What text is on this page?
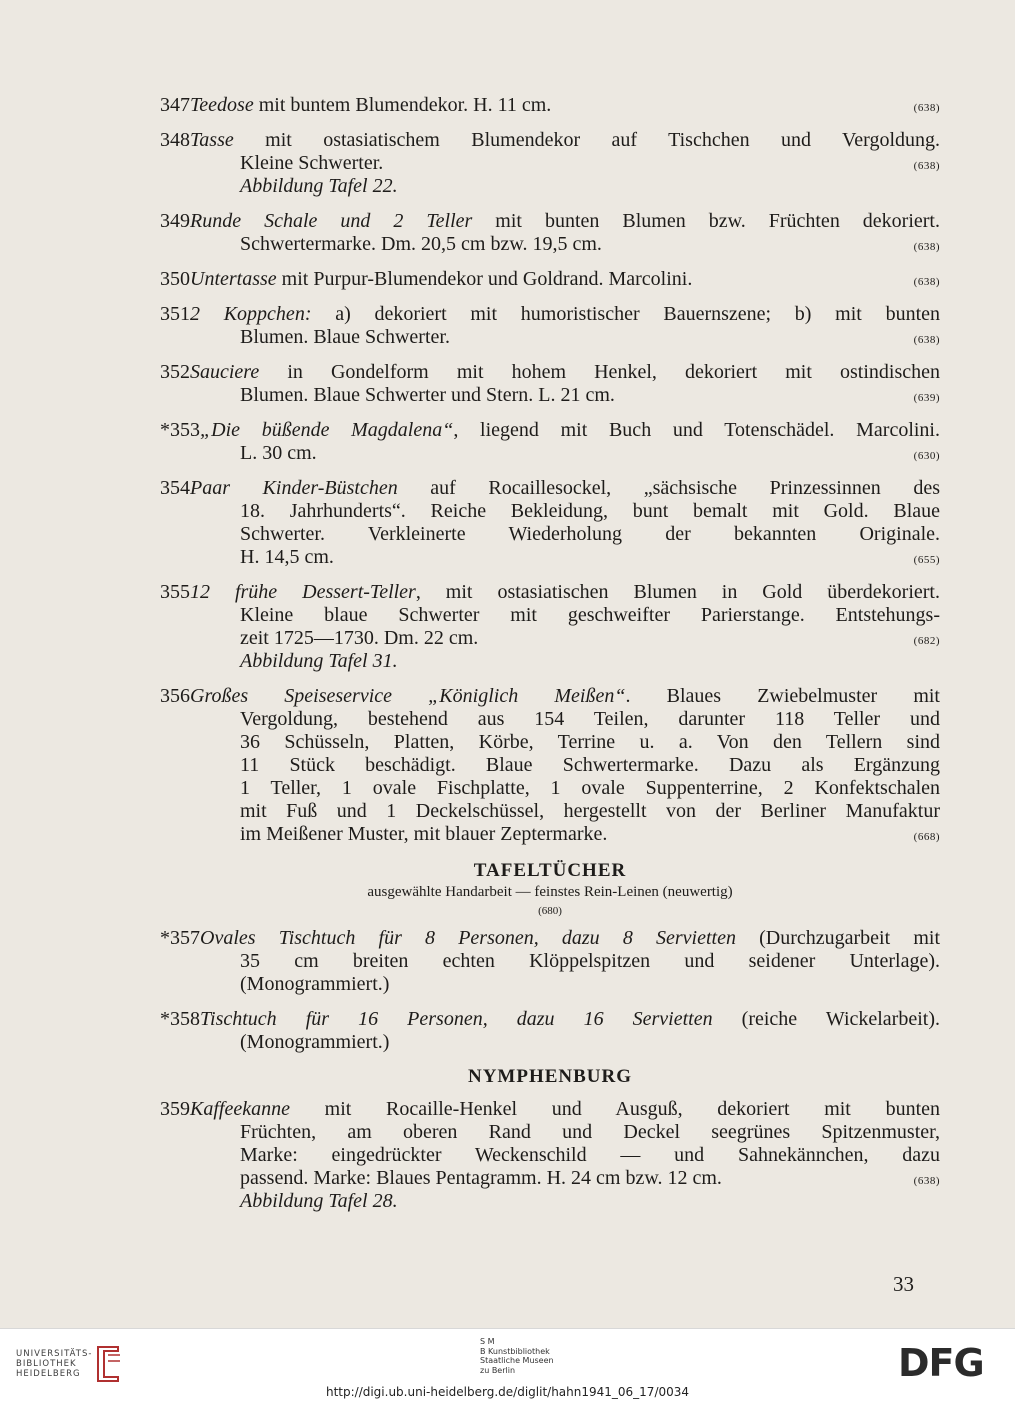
347Teedose mit buntem Blumendekor. H. 11 cm.	(638)
348Tasse mit ostasiatischem Blumendekor auf Tischchen und Vergoldung.
Kleine Schwerter.	(638)
Abbildung Tafel 22.
349Runde Schale und 2 Teller mit bunten Blumen bzw. Früchten dekoriert.
Schwertermarke. Dm. 20,5 cm bzw. 19,5 cm.	(638)
350Untertasse mit Purpur-Blumendekor und Goldrand. Marcolini.	(638)
3512 Koppchen: a) dekoriert mit humoristischer Bauernszene; b) mit bunten
Blumen. Blaue Schwerter.	(638)
352Sauciere in Gondelform mit hohem Henkel, dekoriert mit ostindischen
Blumen. Blaue Schwerter und Stern. L. 21 cm.	(639)
*353„Die büßende Magdalena“, liegend mit Buch und Totenschädel. Marcolini.
L. 30 cm.	(630)
354Paar Kinder-Büstchen auf Rocaillesockel, „sächsische Prinzessinnen des
18. Jahrhunderts“. Reiche Bekleidung, bunt bemalt mit Gold. Blaue
Schwerter. Verkleinerte Wiederholung der bekannten Originale.
H. 14,5 cm.	(655)
35512 frühe Dessert-Teller, mit ostasiatischen Blumen in Gold überdekoriert.
Kleine blaue Schwerter mit geschweifter Parierstange. Entstehungs-
zeit 1725—1730. Dm. 22 cm.	(682)
Abbildung Tafel 31.
356Großes Speiseservice „Königlich Meißen“. Blaues Zwiebelmuster mit
Vergoldung, bestehend aus 154 Teilen, darunter 118 Teller und
36 Schüsseln, Platten, Körbe, Terrine u. a. Von den Tellern sind
11 Stück beschädigt. Blaue Schwertermarke. Dazu als Ergänzung
1 Teller, 1 ovale Fischplatte, 1 ovale Suppenterrine, 2 Konfektschalen
mit Fuß und 1 Deckelschüssel, hergestellt von der Berliner Manufaktur
im Meißener Muster, mit blauer Zeptermarke.	(668)
TAFELTÜCHER
ausgewählte Handarbeit — feinstes Rein-Leinen (neuwertig)
(680)
*357Ovales Tischtuch für 8 Personen, dazu 8 Servietten (Durchzugarbeit mit
35 cm breiten echten Klöppelspitzen und seidener Unterlage).
(Monogrammiert.)
*358Tischtuch für 16 Personen, dazu 16 Servietten (reiche Wickelarbeit).
(Monogrammiert.)
NYMPHENBURG
359Kaffeekanne mit Rocaille-Henkel und Ausguß, dekoriert mit bunten
Früchten, am oberen Rand und Deckel seegrünes Spitzenmuster,
Marke: eingedrückter Weckenschild — und Sahnekännchen, dazu
passend. Marke: Blaues Pentagramm. H. 24 cm bzw. 12 cm.	(638)
Abbildung Tafel 28.
33
UNIVERSITÄTS-
BIBLIOTHEK
HEIDELBERG
S M
B Kunstbibliothek
Staatliche Museen
zu Berlin
http://digi.ub.uni-heidelberg.de/diglit/hahn1941_06_17/0034
DFG
